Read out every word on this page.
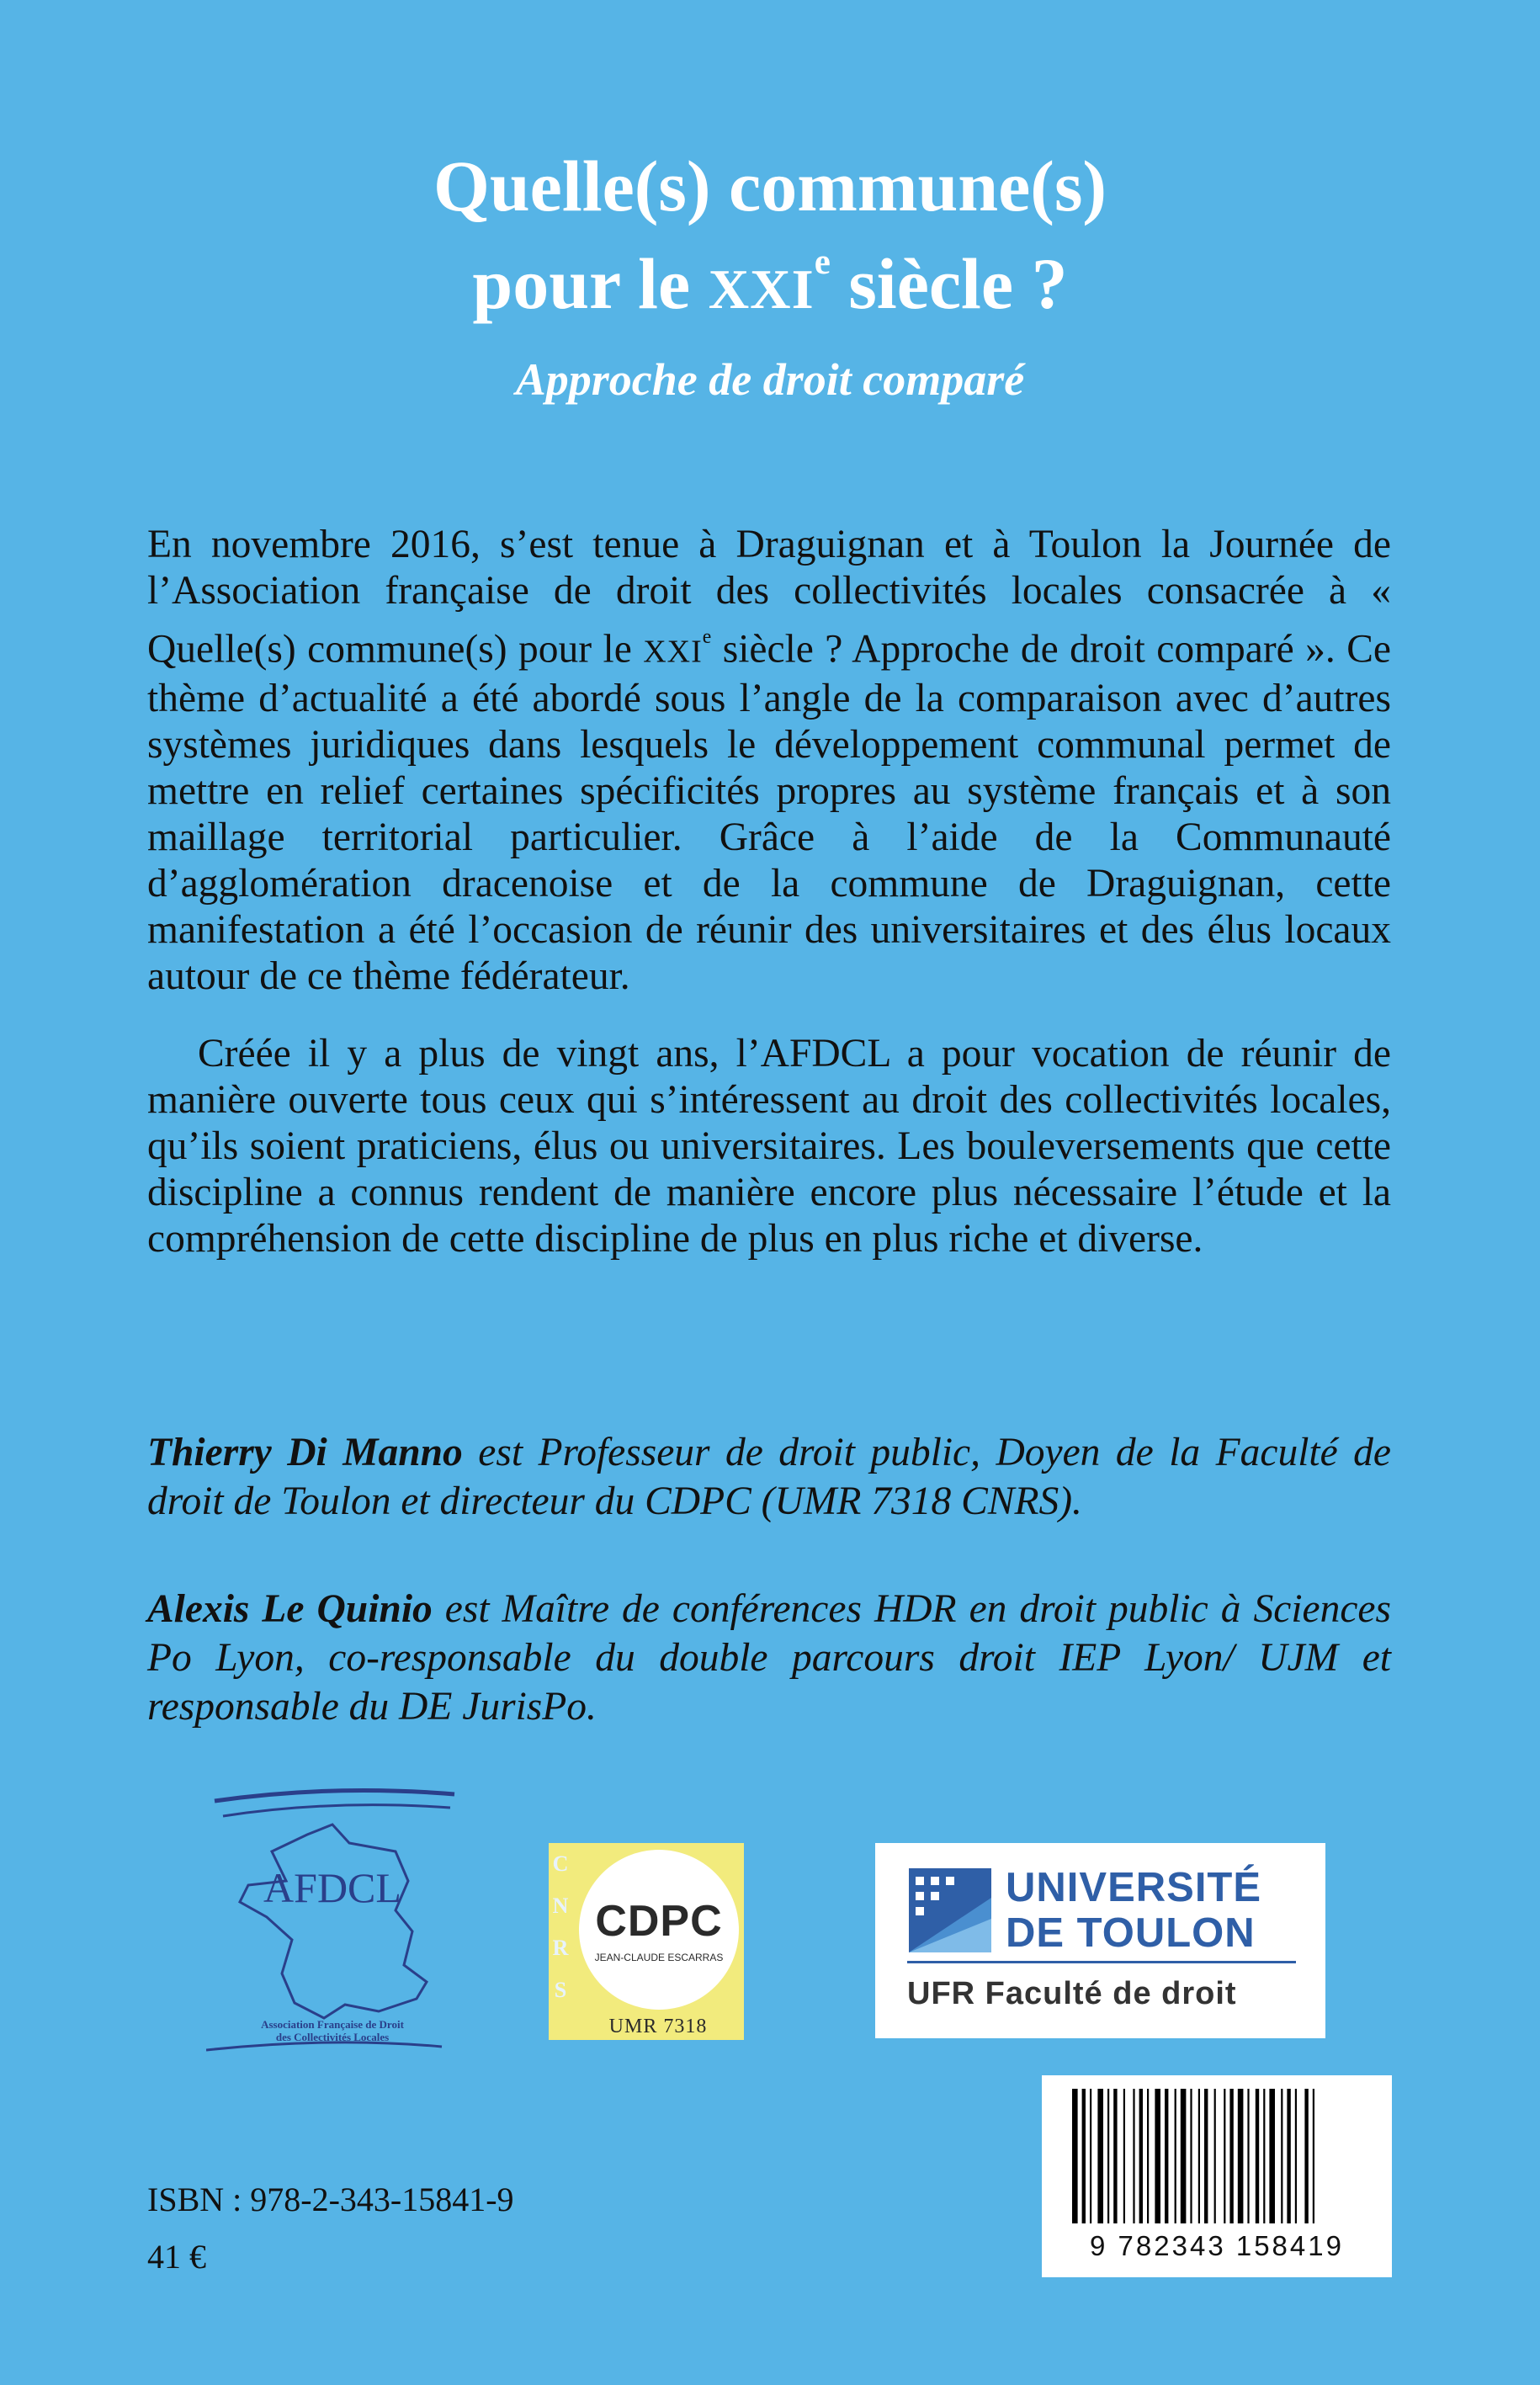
Quelle(s) commune(s)
pour le XXIe siècle ?
Approche de droit comparé

En novembre 2016, s’est tenue à Draguignan et à Toulon la Journée de l’Association française de droit des collectivités locales consacrée à « Quelle(s) commune(s) pour le XXIe siècle ? Approche de droit comparé ». Ce thème d’actualité a été abordé sous l’angle de la comparaison avec d’autres systèmes juridiques dans lesquels le développement communal permet de mettre en relief certaines spécificités propres au système français et à son maillage territorial particulier. Grâce à l’aide de la Communauté d’agglomération dracenoise et de la commune de Draguignan, cette manifestation a été l’occasion de réunir des universitaires et des élus locaux autour de ce thème fédérateur.

Créée il y a plus de vingt ans, l’AFDCL a pour vocation de réunir de manière ouverte tous ceux qui s’intéressent au droit des collectivités locales, qu’ils soient praticiens, élus ou universitaires. Les bouleversements que cette discipline a connus rendent de manière encore plus nécessaire l’étude et la compréhension de cette discipline de plus en plus riche et diverse.

Thierry Di Manno est Professeur de droit public, Doyen de la Faculté de droit de Toulon et directeur du CDPC (UMR 7318 CNRS).
Alexis Le Quinio est Maître de conférences HDR en droit public à Sciences Po Lyon, co-responsable du double parcours droit IEP Lyon/ UJM et responsable du DE JurisPo.
AFDCL
Association Française de Droit
des Collectivités Locales
C
N
R
S
CDPC
JEAN-CLAUDE ESCARRAS
UMR 7318
UNIVERSITÉ
DE TOULON
UFR Faculté de droit
9 782343 158419
ISBN : 978-2-343-15841-9
41 €
